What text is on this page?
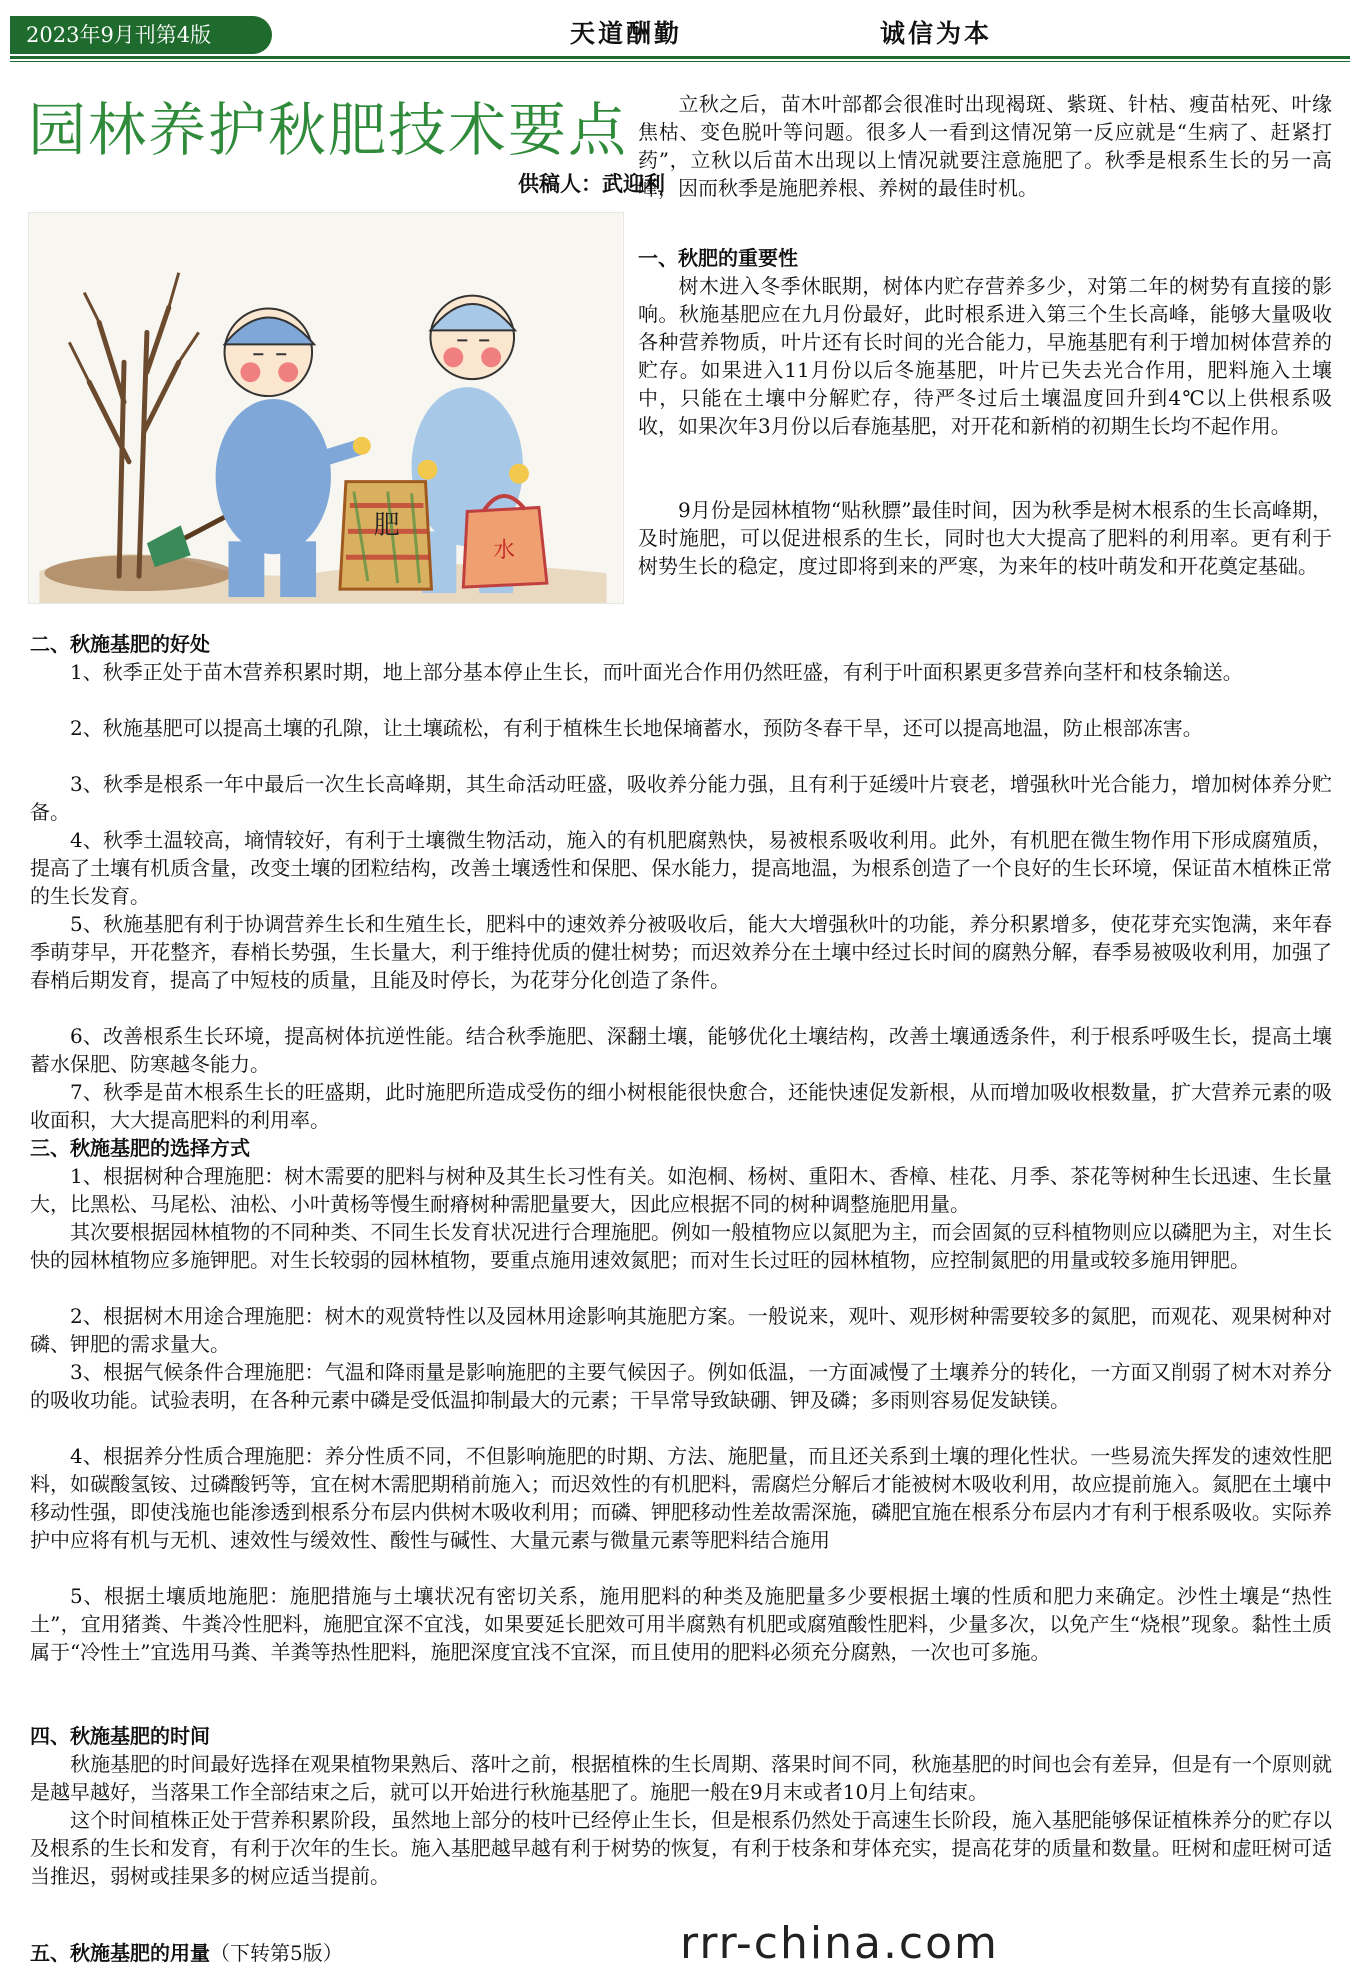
2023年9月刊第4版	天道酬勤	诚信为本
园林养护秋肥技术要点
供稿人：武迎利
肥
水

立秋之后，苗木叶部都会很准时出现褐斑、紫斑、针枯、瘦苗枯死、叶缘焦枯、变色脱叶等问题。很多人一看到这情况第一反应就是“生病了、赶紧打药”，立秋以后苗木出现以上情况就要注意施肥了。秋季是根系生长的另一高峰，因而秋季是施肥养根、养树的最佳时机。

一、秋肥的重要性

树木进入冬季休眠期，树体内贮存营养多少，对第二年的树势有直接的影响。秋施基肥应在九月份最好，此时根系进入第三个生长高峰，能够大量吸收各种营养物质，叶片还有长时间的光合能力，早施基肥有利于增加树体营养的贮存。如果进入11月份以后冬施基肥，叶片已失去光合作用，肥料施入土壤中，只能在土壤中分解贮存，待严冬过后土壤温度回升到4℃以上供根系吸收，如果次年3月份以后春施基肥，对开花和新梢的初期生长均不起作用。

9月份是园林植物“贴秋膘”最佳时间，因为秋季是树木根系的生长高峰期，及时施肥，可以促进根系的生长，同时也大大提高了肥料的利用率。更有利于树势生长的稳定，度过即将到来的严寒，为来年的枝叶萌发和开花奠定基础。

二、秋施基肥的好处

1、秋季正处于苗木营养积累时期，地上部分基本停止生长，而叶面光合作用仍然旺盛，有利于叶面积累更多营养向茎杆和枝条输送。

2、秋施基肥可以提高土壤的孔隙，让土壤疏松，有利于植株生长地保墒蓄水，预防冬春干旱，还可以提高地温，防止根部冻害。

3、秋季是根系一年中最后一次生长高峰期，其生命活动旺盛，吸收养分能力强，且有利于延缓叶片衰老，增强秋叶光合能力，增加树体养分贮备。

4、秋季土温较高，墒情较好，有利于土壤微生物活动，施入的有机肥腐熟快，易被根系吸收利用。此外，有机肥在微生物作用下形成腐殖质，提高了土壤有机质含量，改变土壤的团粒结构，改善土壤透性和保肥、保水能力，提高地温，为根系创造了一个良好的生长环境，保证苗木植株正常的生长发育。

5、秋施基肥有利于协调营养生长和生殖生长，肥料中的速效养分被吸收后，能大大增强秋叶的功能，养分积累增多，使花芽充实饱满，来年春季萌芽早，开花整齐，春梢长势强，生长量大，利于维持优质的健壮树势；而迟效养分在土壤中经过长时间的腐熟分解，春季易被吸收利用，加强了春梢后期发育，提高了中短枝的质量，且能及时停长，为花芽分化创造了条件。

6、改善根系生长环境，提高树体抗逆性能。结合秋季施肥、深翻土壤，能够优化土壤结构，改善土壤通透条件，利于根系呼吸生长，提高土壤蓄水保肥、防寒越冬能力。

7、秋季是苗木根系生长的旺盛期，此时施肥所造成受伤的细小树根能很快愈合，还能快速促发新根，从而增加吸收根数量，扩大营养元素的吸收面积，大大提高肥料的利用率。

三、秋施基肥的选择方式

1、根据树种合理施肥：树木需要的肥料与树种及其生长习性有关。如泡桐、杨树、重阳木、香樟、桂花、月季、茶花等树种生长迅速、生长量大，比黑松、马尾松、油松、小叶黄杨等慢生耐瘠树种需肥量要大，因此应根据不同的树种调整施肥用量。

其次要根据园林植物的不同种类、不同生长发育状况进行合理施肥。例如一般植物应以氮肥为主，而会固氮的豆科植物则应以磷肥为主，对生长快的园林植物应多施钾肥。对生长较弱的园林植物，要重点施用速效氮肥；而对生长过旺的园林植物，应控制氮肥的用量或较多施用钾肥。

2、根据树木用途合理施肥：树木的观赏特性以及园林用途影响其施肥方案。一般说来，观叶、观形树种需要较多的氮肥，而观花、观果树种对磷、钾肥的需求量大。

3、根据气候条件合理施肥：气温和降雨量是影响施肥的主要气候因子。例如低温，一方面减慢了土壤养分的转化，一方面又削弱了树木对养分的吸收功能。试验表明，在各种元素中磷是受低温抑制最大的元素；干旱常导致缺硼、钾及磷；多雨则容易促发缺镁。

4、根据养分性质合理施肥：养分性质不同，不但影响施肥的时期、方法、施肥量，而且还关系到土壤的理化性状。一些易流失挥发的速效性肥料，如碳酸氢铵、过磷酸钙等，宜在树木需肥期稍前施入；而迟效性的有机肥料，需腐烂分解后才能被树木吸收利用，故应提前施入。氮肥在土壤中移动性强，即使浅施也能渗透到根系分布层内供树木吸收利用；而磷、钾肥移动性差故需深施，磷肥宜施在根系分布层内才有利于根系吸收。实际养护中应将有机与无机、速效性与缓效性、酸性与碱性、大量元素与微量元素等肥料结合施用

5、根据土壤质地施肥：施肥措施与土壤状况有密切关系，施用肥料的种类及施肥量多少要根据土壤的性质和肥力来确定。沙性土壤是“热性土”，宜用猪粪、牛粪冷性肥料，施肥宜深不宜浅，如果要延长肥效可用半腐熟有机肥或腐殖酸性肥料，少量多次，以免产生“烧根”现象。黏性土质属于“冷性土”宜选用马粪、羊粪等热性肥料，施肥深度宜浅不宜深，而且使用的肥料必须充分腐熟，一次也可多施。

四、秋施基肥的时间

秋施基肥的时间最好选择在观果植物果熟后、落叶之前，根据植株的生长周期、落果时间不同，秋施基肥的时间也会有差异，但是有一个原则就是越早越好，当落果工作全部结束之后，就可以开始进行秋施基肥了。施肥一般在9月末或者10月上旬结束。

这个时间植株正处于营养积累阶段，虽然地上部分的枝叶已经停止生长，但是根系仍然处于高速生长阶段，施入基肥能够保证植株养分的贮存以及根系的生长和发育，有利于次年的生长。施入基肥越早越有利于树势的恢复，有利于枝条和芽体充实，提高花芽的质量和数量。旺树和虚旺树可适当推迟，弱树或挂果多的树应适当提前。

五、秋施基肥的用量（下转第5版）	rrr-china.com
